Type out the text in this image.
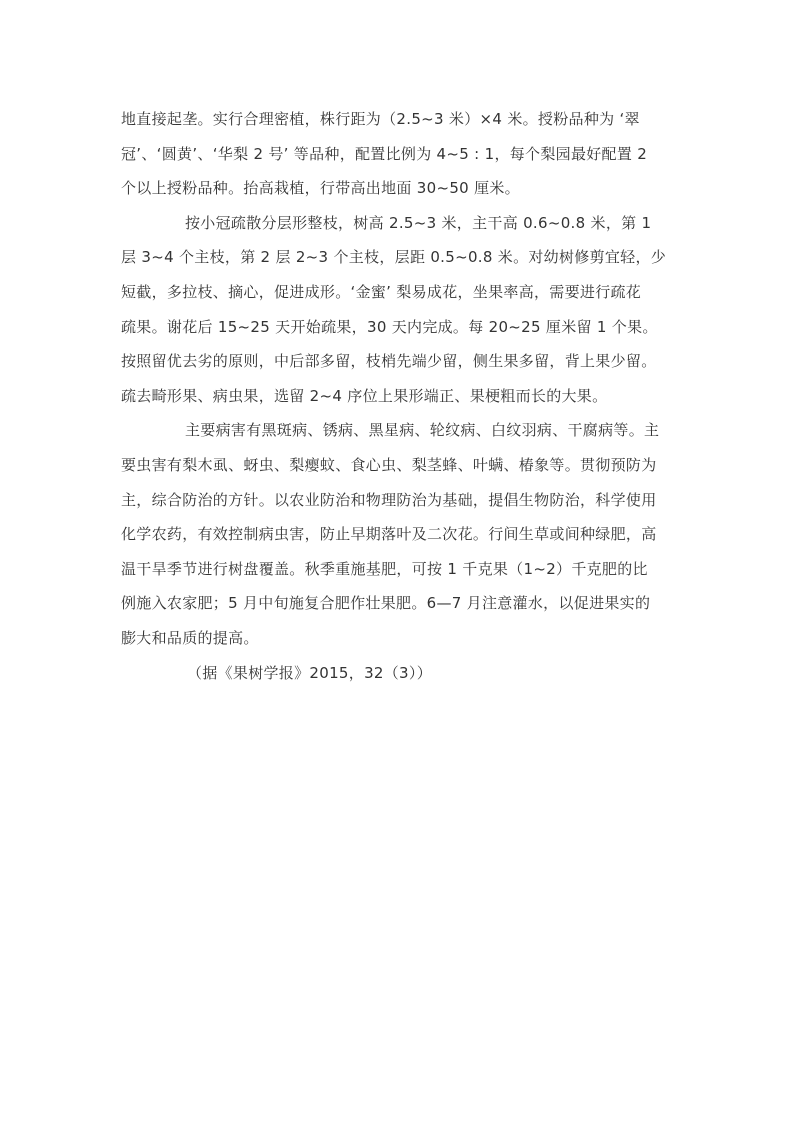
地直接起垄。实行合理密植，株行距为（2.5~3 米）×4 米。授粉品种为 ‘翠
冠’、‘圆黄’、‘华梨 2 号’ 等品种，配置比例为 4~5 : 1，每个梨园最好配置 2
个以上授粉品种。抬高栽植，行带高出地面 30~50 厘米。
按小冠疏散分层形整枝，树高 2.5~3 米，主干高 0.6~0.8 米，第 1
层 3~4 个主枝，第 2 层 2~3 个主枝，层距 0.5~0.8 米。对幼树修剪宜轻，少
短截，多拉枝、摘心，促进成形。‘金蜜’ 梨易成花，坐果率高，需要进行疏花
疏果。谢花后 15~25 天开始疏果，30 天内完成。每 20~25 厘米留 1 个果。
按照留优去劣的原则，中后部多留，枝梢先端少留，侧生果多留，背上果少留。
疏去畸形果、病虫果，选留 2~4 序位上果形端正、果梗粗而长的大果。
主要病害有黑斑病、锈病、黑星病、轮纹病、白纹羽病、干腐病等。主
要虫害有梨木虱、蚜虫、梨瘿蚊、食心虫、梨茎蜂、叶螨、椿象等。贯彻预防为
主，综合防治的方针。以农业防治和物理防治为基础，提倡生物防治，科学使用
化学农药，有效控制病虫害，防止早期落叶及二次花。行间生草或间种绿肥，高
温干旱季节进行树盘覆盖。秋季重施基肥，可按 1 千克果（1~2）千克肥的比
例施入农家肥；5 月中旬施复合肥作壮果肥。6—7 月注意灌水，以促进果实的
膨大和品质的提高。
（据《果树学报》2015，32（3））
